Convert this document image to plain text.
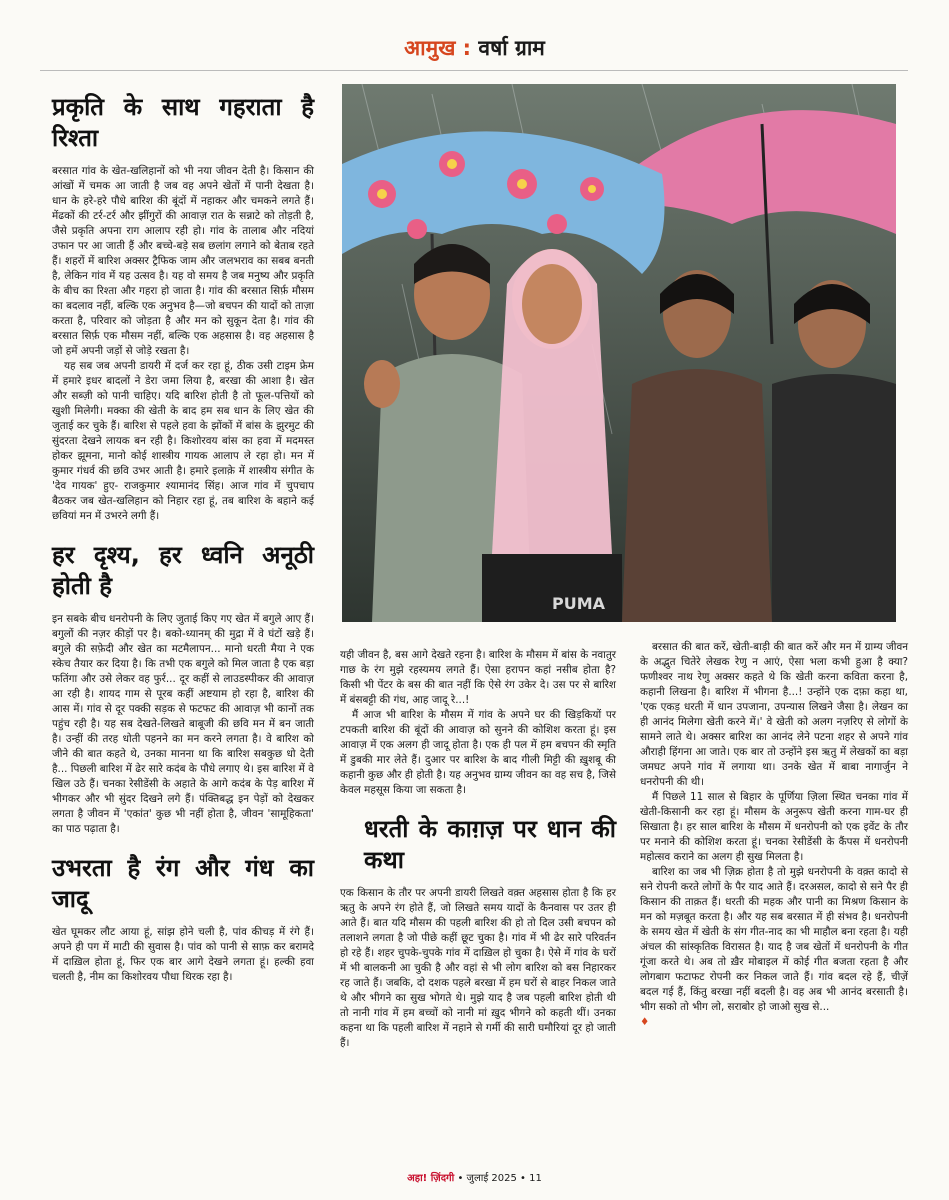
आमुख : वर्षा ग्राम
प्रकृति के साथ गहराता है रिश्ता

बरसात गांव के खेत-खलिहानों को भी नया जीवन देती है। किसान की आंखों में चमक आ जाती है जब वह अपने खेतों में पानी देखता है। धान के हरे-हरे पौधे बारिश की बूंदों में नहाकर और चमकने लगते हैं। मेंढकों की टर्र-टर्र और झींगुरों की आवाज़ रात के सन्नाटे को तोड़ती है, जैसे प्रकृति अपना राग आलाप रही हो। गांव के तालाब और नदियां उफान पर आ जाती हैं और बच्चे-बड़े सब छलांग लगाने को बेताब रहते हैं। शहरों में बारिश अक्सर ट्रैफिक जाम और जलभराव का सबब बनती है, लेकिन गांव में यह उत्सव है। यह वो समय है जब मनुष्य और प्रकृति के बीच का रिश्ता और गहरा हो जाता है। गांव की बरसात सिर्फ़ मौसम का बदलाव नहीं, बल्कि एक अनुभव है—जो बचपन की यादों को ताज़ा करता है, परिवार को जोड़ता है और मन को सुकून देता है। गांव की बरसात सिर्फ़ एक मौसम नहीं, बल्कि एक अहसास है। वह अहसास है जो हमें अपनी जड़ों से जोड़े रखता है।

यह सब जब अपनी डायरी में दर्ज कर रहा हूं, ठीक उसी टाइम फ्रेम में हमारे इधर बादलों ने डेरा जमा लिया है, बरखा की आशा है। खेत और सब्ज़ी को पानी चाहिए। यदि बारिश होती है तो फूल-पत्तियों को खुशी मिलेगी। मक्का की खेती के बाद हम सब धान के लिए खेत की जुताई कर चुके हैं। बारिश से पहले हवा के झोंकों में बांस के झुरमुट की सुंदरता देखने लायक बन रही है। किशोरवय बांस का हवा में मदमस्त होकर झूमना, मानो कोई शास्त्रीय गायक आलाप ले रहा हो। मन में कुमार गंधर्व की छवि उभर आती है। हमारे इलाक़े में शास्त्रीय संगीत के 'देव गायक' हुए- राजकुमार श्यामानंद सिंह। आज गांव में चुपचाप बैठकर जब खेत-खलिहान को निहार रहा हूं, तब बारिश के बहाने कई छवियां मन में उभरने लगी हैं।

हर दृश्य, हर ध्वनि अनूठी होती है

इन सबके बीच धनरोपनी के लिए जुताई किए गए खेत में बगुले आए हैं। बगुलों की नज़र कीड़ों पर है। बको-ध्यानम् की मुद्रा में वे घंटों खड़े हैं। बगुले की सफ़ेदी और खेत का मटमैलापन... मानो धरती मैया ने एक स्केच तैयार कर दिया है। कि तभी एक बगुले को मिल जाता है एक बड़ा फतिंगा और उसे लेकर वह फुर्र... दूर कहीं से लाउडस्पीकर की आवाज़ आ रही है। शायद गाम से पूरब कहीं अष्टयाम हो रहा है, बारिश की आस में। गांव से दूर पक्की सड़क से फटफट की आवाज़ भी कानों तक पहुंच रही है। यह सब देखते-लिखते बाबूजी की छवि मन में बन जाती है। उन्हीं की तरह धोती पहनने का मन करने लगता है। वे बारिश को जीने की बात कहते थे, उनका मानना था कि बारिश सबकुछ धो देती है... पिछली बारिश में ढेर सारे कदंब के पौधे लगाए थे। इस बारिश में वे खिल उठे हैं। चनका रेसीडेंसी के अहाते के आगे कदंब के पेड़ बारिश में भीगकर और भी सुंदर दिखने लगे हैं। पंक्तिबद्ध इन पेड़ों को देखकर लगता है जीवन में 'एकांत' कुछ भी नहीं होता है, जीवन 'सामूहिकता' का पाठ पढ़ाता है।

उभरता है रंग और गंध का जादू

खेत घूमकर लौट आया हूं, सांझ होने चली है, पांव कीचड़ में रंगे हैं। अपने ही पग में माटी की सुवास है। पांव को पानी से साफ़ कर बरामदे में दाख़िल होता हूं, फिर एक बार आगे देखने लगता हूं। हल्की हवा चलती है, नीम का किशोरवय पौधा थिरक रहा है।

PUMA

यही जीवन है, बस आगे देखते रहना है। बारिश के मौसम में बांस के नवातुर गाछ के रंग मुझे रहस्यमय लगते हैं। ऐसा हरापन कहां नसीब होता है? किसी भी पेंटर के बस की बात नहीं कि ऐसे रंग उकेर दे। उस पर से बारिश में बंसबट्टी की गंध, आह जादू रे...!

मैं आज भी बारिश के मौसम में गांव के अपने घर की खिड़कियों पर टपकती बारिश की बूंदों की आवाज़ को सुनने की कोशिश करता हूं। इस आवाज़ में एक अलग ही जादू होता है। एक ही पल में हम बचपन की स्मृति में डुबकी मार लेते हैं। दुआर पर बारिश के बाद गीली मिट्टी की ख़ुशबू की कहानी कुछ और ही होती है। यह अनुभव ग्राम्य जीवन का वह सच है, जिसे केवल महसूस किया जा सकता है।

धरती के काग़ज़ पर धान की कथा

एक किसान के तौर पर अपनी डायरी लिखते वक़्त अहसास होता है कि हर ऋतु के अपने रंग होते हैं, जो लिखते समय यादों के कैनवास पर उतर ही आते हैं। बात यदि मौसम की पहली बारिश की हो तो दिल उसी बचपन को तलाशने लगता है जो पीछे कहीं छूट चुका है। गांव में भी ढेर सारे परिवर्तन हो रहे हैं। शहर चुपके-चुपके गांव में दाख़िल हो चुका है। ऐसे में गांव के घरों में भी बालकनी आ चुकी है और वहां से भी लोग बारिश को बस निहारकर रह जाते हैं। जबकि, दो दशक पहले बरखा में हम घरों से बाहर निकल जाते थे और भीगने का सुख भोगते थे। मुझे याद है जब पहली बारिश होती थी तो नानी गांव में हम बच्चों को नानी मां ख़ुद भीगने को कहती थीं। उनका कहना था कि पहली बारिश में नहाने से गर्मी की सारी घमौरियां दूर हो जाती हैं।

बरसात की बात करें, खेती-बाड़ी की बात करें और मन में ग्राम्य जीवन के अद्भुत चितेरे लेखक रेणु न आएं, ऐसा भला कभी हुआ है क्या? फणीश्वर नाथ रेणु अक्सर कहते थे कि खेती करना कविता करना है, कहानी लिखना है। बारिश में भीगना है...! उन्होंने एक दफ़ा कहा था, 'एक एकड़ धरती में धान उपजाना, उपन्यास लिखने जैसा है। लेखन का ही आनंद मिलेगा खेती करने में।' वे खेती को अलग नज़रिए से लोगों के सामने लाते थे। अक्सर बारिश का आनंद लेने पटना शहर से अपने गांव औराही हिंगना आ जाते। एक बार तो उन्होंने इस ऋतु में लेखकों का बड़ा जमघट अपने गांव में लगाया था। उनके खेत में बाबा नागार्जुन ने धनरोपनी की थी।

मैं पिछले 11 साल से बिहार के पूर्णिया ज़िला स्थित चनका गांव में खेती-किसानी कर रहा हूं। मौसम के अनुरूप खेती करना गाम-घर ही सिखाता है। हर साल बारिश के मौसम में धनरोपनी को एक इवेंट के तौर पर मनाने की कोशिश करता हूं। चनका रेसीडेंसी के कैंपस में धनरोपनी महोत्सव कराने का अलग ही सुख मिलता है।

बारिश का जब भी ज़िक्र होता है तो मुझे धनरोपनी के वक़्त कादो से सने रोपनी करते लोगों के पैर याद आते हैं। दरअसल, कादो से सने पैर ही किसान की ताक़त हैं। धरती की महक और पानी का मिश्रण किसान के मन को मज़बूत करता है। और यह सब बरसात में ही संभव है। धनरोपनी के समय खेत में खेती के संग गीत-नाद का भी माहौल बना रहता है। यही अंचल की सांस्कृतिक विरासत है। याद है जब खेतों में धनरोपनी के गीत गूंजा करते थे। अब तो ख़ैर मोबाइल में कोई गीत बजता रहता है और लोगबाग फटाफट रोपनी कर निकल जाते हैं। गांव बदल रहे हैं, चीज़ें बदल गई हैं, किंतु बरखा नहीं बदली है। वह अब भी आनंद बरसाती है। भीग सको तो भीग लो, सराबोर हो जाओ सुख से...

♦
अहा! ज़िंदगी • जुलाई 2025 • 11
